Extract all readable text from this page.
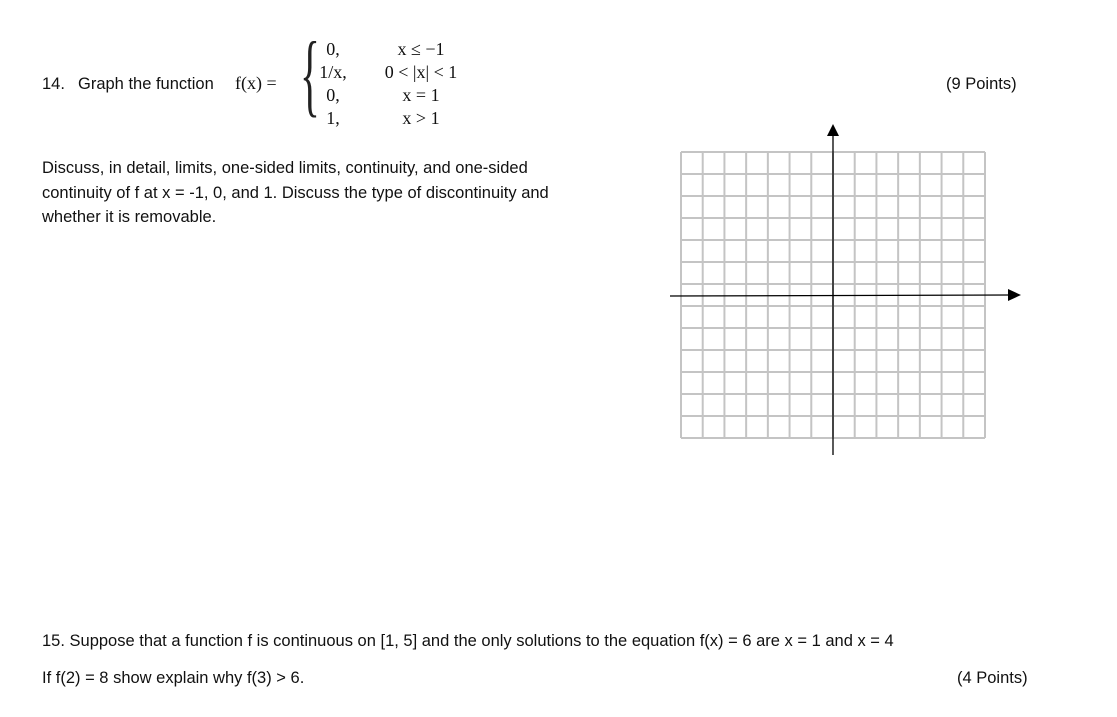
14. Graph the function f(x) = { 0,
1/x,
0,
1,
x ≤ −1
0 < |x| < 1
x = 1
x > 1
(9 Points)
Discuss, in detail, limits, one-sided limits, continuity, and one-sided
continuity of f at x = -1, 0, and 1. Discuss the type of discontinuity and
whether it is removable.
15. Suppose that a function f is continuous on [1, 5] and the only solutions to the equation f(x) = 6 are x = 1 and x = 4
If f(2) = 8 show explain why f(3) > 6.	(4 Points)
